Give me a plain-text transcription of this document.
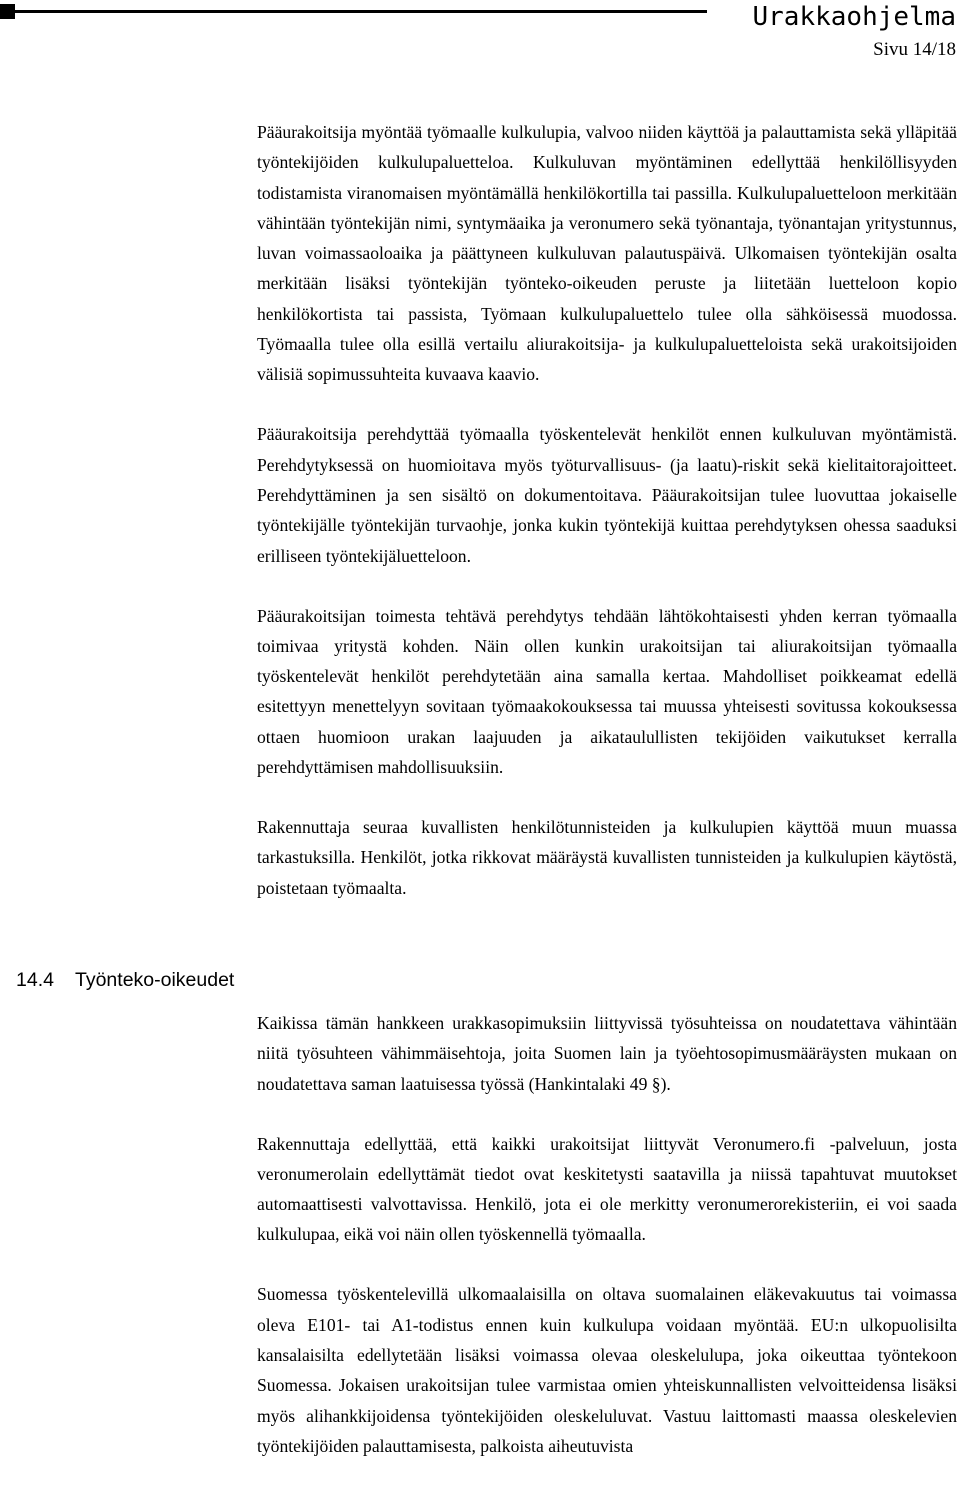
Urakkaohjelma
Sivu 14/18

Pääurakoitsija myöntää työmaalle kulkulupia, valvoo niiden käyttöä ja palauttamista sekä ylläpitää työntekijöiden kulkulupaluetteloa. Kulkuluvan myöntäminen edellyttää henkilöllisyyden todistamista viranomaisen myöntämällä henkilökortilla tai passilla. Kulkulupaluetteloon merkitään vähintään työntekijän nimi, syntymäaika ja veronumero sekä työnantaja, työnantajan yritystunnus, luvan voimassaoloaika ja päättyneen kulkuluvan palautuspäivä. Ulkomaisen työntekijän osalta merkitään lisäksi työntekijän työnteko-oikeuden peruste ja liitetään luetteloon kopio henkilökortista tai passista, Työmaan kulkulupaluettelo tulee olla sähköisessä muodossa. Työmaalla tulee olla esillä vertailu aliurakoitsija- ja kulkulupaluetteloista sekä urakoitsijoiden välisiä sopimussuhteita kuvaava kaavio.

Pääurakoitsija perehdyttää työmaalla työskentelevät henkilöt ennen kulkuluvan myöntämistä. Perehdytyksessä on huomioitava myös työturvallisuus- (ja laatu)-riskit sekä kielitaitorajoitteet. Perehdyttäminen ja sen sisältö on dokumentoitava. Pääurakoitsijan tulee luovuttaa jokaiselle työntekijälle työntekijän turvaohje, jonka kukin työntekijä kuittaa perehdytyksen ohessa saaduksi erilliseen työntekijäluetteloon.

Pääurakoitsijan toimesta tehtävä perehdytys tehdään lähtökohtaisesti yhden kerran työmaalla toimivaa yritystä kohden. Näin ollen kunkin urakoitsijan tai aliurakoitsijan työmaalla työskentelevät henkilöt perehdytetään aina samalla kertaa. Mahdolliset poikkeamat edellä esitettyyn menettelyyn sovitaan työmaakokouksessa tai muussa yhteisesti sovitussa kokouksessa ottaen huomioon urakan laajuuden ja aikataulullisten tekijöiden vaikutukset kerralla perehdyttämisen mahdollisuuksiin.

Rakennuttaja seuraa kuvallisten henkilötunnisteiden ja kulkulupien käyttöä muun muassa tarkastuksilla. Henkilöt, jotka rikkovat määräystä kuvallisten tunnisteiden ja kulkulupien käytöstä, poistetaan työmaalta.

14.4 Työnteko-oikeudet

Kaikissa tämän hankkeen urakkasopimuksiin liittyvissä työsuhteissa on noudatettava vähintään niitä työsuhteen vähimmäisehtoja, joita Suomen lain ja työehtosopimusmääräysten mukaan on noudatettava saman laatuisessa työssä (Hankintalaki 49 §).

Rakennuttaja edellyttää, että kaikki urakoitsijat liittyvät Veronumero.fi -palveluun, josta veronumerolain edellyttämät tiedot ovat keskitetysti saatavilla ja niissä tapahtuvat muutokset automaattisesti valvottavissa. Henkilö, jota ei ole merkitty veronumerorekisteriin, ei voi saada kulkulupaa, eikä voi näin ollen työskennellä työmaalla.

Suomessa työskentelevillä ulkomaalaisilla on oltava suomalainen eläkevakuutus tai voimassa oleva E101- tai A1-todistus ennen kuin kulkulupa voidaan myöntää. EU:n ulkopuolisilta kansalaisilta edellytetään lisäksi voimassa olevaa oleskelulupa, joka oikeuttaa työntekoon Suomessa. Jokaisen urakoitsijan tulee varmistaa omien yhteiskunnallisten velvoitteidensa lisäksi myös alihankkijoidensa työntekijöiden oleskeluluvat. Vastuu laittomasti maassa oleskelevien työntekijöiden palauttamisesta, palkoista aiheutuvista
